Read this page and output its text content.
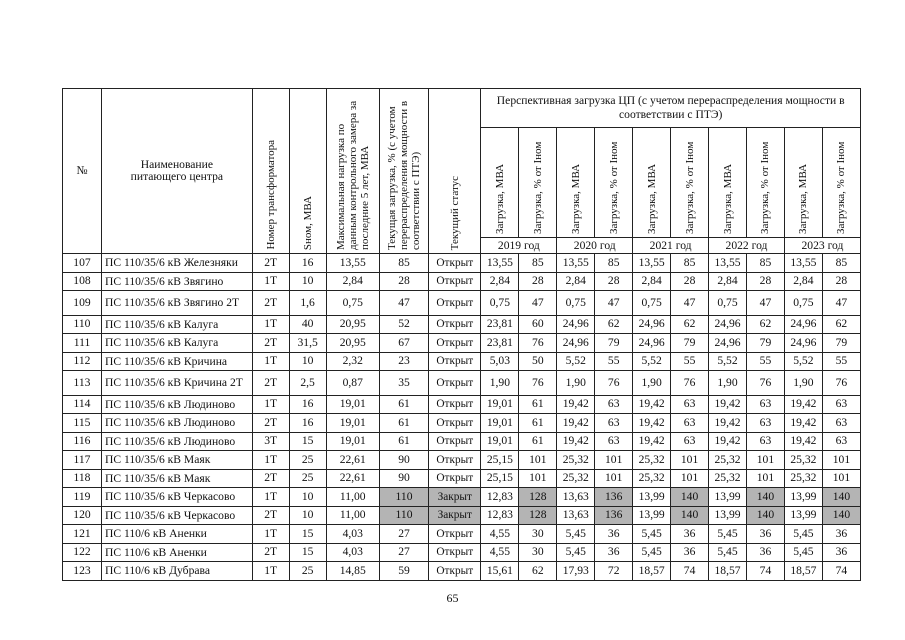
№	Наименование питающего центра	Номер трансформатора	Sном, МВА	Максимальная нагрузка по данным контрольного замера за последние 5 лет, МВА	Текущая загрузка, % (с учетом перераспределения мощности в соответствии с ПТЭ)	Текущий статус	Перспективная загрузка ЦП (с учетом перераспределения мощности в соответствии с ПТЭ)									

							Загрузка, МВА	Загрузка, % от Iном	Загрузка, МВА	Загрузка, % от Iном	Загрузка, МВА	Загрузка, % от Iном	Загрузка, МВА	Загрузка, % от Iном	Загрузка, МВА	Загрузка, % от Iном

							2019 год		2020 год		2021 год		2022 год		2023 год	
107	ПС 110/35/6 кВ Железняки	2Т	16	13,55	85	Открыт	13,55	85	13,55	85	13,55	85	13,55	85	13,55	85
108	ПС 110/35/6 кВ Звягино	1Т	10	2,84	28	Открыт	2,84	28	2,84	28	2,84	28	2,84	28	2,84	28
109	ПС 110/35/6 кВ Звягино 2Т	2Т	1,6	0,75	47	Открыт	0,75	47	0,75	47	0,75	47	0,75	47	0,75	47
110	ПС 110/35/6 кВ Калуга	1Т	40	20,95	52	Открыт	23,81	60	24,96	62	24,96	62	24,96	62	24,96	62
111	ПС 110/35/6 кВ Калуга	2Т	31,5	20,95	67	Открыт	23,81	76	24,96	79	24,96	79	24,96	79	24,96	79
112	ПС 110/35/6 кВ Кричина	1Т	10	2,32	23	Открыт	5,03	50	5,52	55	5,52	55	5,52	55	5,52	55
113	ПС 110/35/6 кВ Кричина 2Т	2Т	2,5	0,87	35	Открыт	1,90	76	1,90	76	1,90	76	1,90	76	1,90	76
114	ПС 110/35/6 кВ Людиново	1Т	16	19,01	61	Открыт	19,01	61	19,42	63	19,42	63	19,42	63	19,42	63
115	ПС 110/35/6 кВ Людиново	2Т	16	19,01	61	Открыт	19,01	61	19,42	63	19,42	63	19,42	63	19,42	63
116	ПС 110/35/6 кВ Людиново	3Т	15	19,01	61	Открыт	19,01	61	19,42	63	19,42	63	19,42	63	19,42	63
117	ПС 110/35/6 кВ Маяк	1Т	25	22,61	90	Открыт	25,15	101	25,32	101	25,32	101	25,32	101	25,32	101
118	ПС 110/35/6 кВ Маяк	2Т	25	22,61	90	Открыт	25,15	101	25,32	101	25,32	101	25,32	101	25,32	101
119	ПС 110/35/6 кВ Черкасово	1Т	10	11,00	110	Закрыт	12,83	128	13,63	136	13,99	140	13,99	140	13,99	140
120	ПС 110/35/6 кВ Черкасово	2Т	10	11,00	110	Закрыт	12,83	128	13,63	136	13,99	140	13,99	140	13,99	140
121	ПС 110/6 кВ Аненки	1Т	15	4,03	27	Открыт	4,55	30	5,45	36	5,45	36	5,45	36	5,45	36
122	ПС 110/6 кВ Аненки	2Т	15	4,03	27	Открыт	4,55	30	5,45	36	5,45	36	5,45	36	5,45	36
123	ПС 110/6 кВ Дубрава	1Т	25	14,85	59	Открыт	15,61	62	17,93	72	18,57	74	18,57	74	18,57	74
65
